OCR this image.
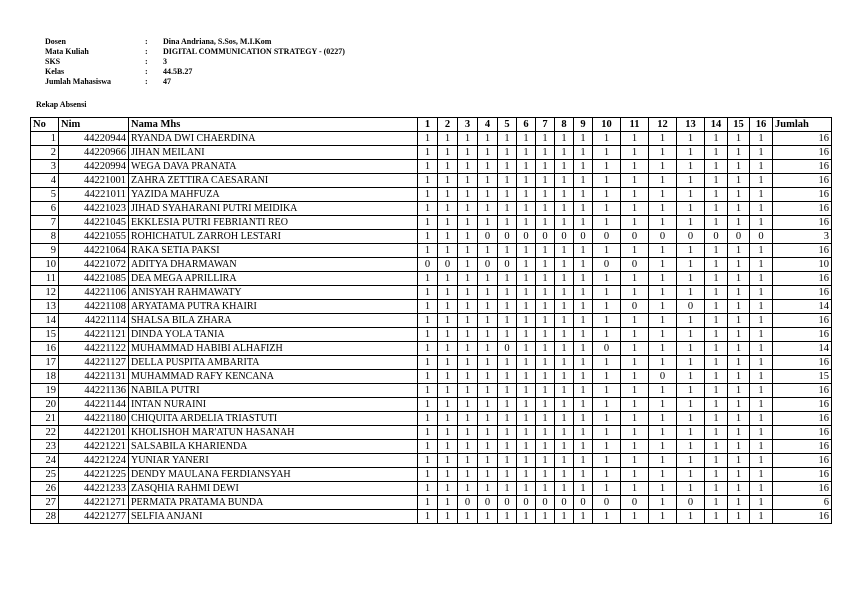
Dosen	:	Dina Andriana, S.Sos, M.I.Kom
Mata Kuliah	:	DIGITAL COMMUNICATION STRATEGY - (0227)
SKS	:	3
Kelas	:	44.5B.27
Jumlah Mahasiswa	:	47
Rekap Absensi
No	Nim	Nama Mhs	1	2	3	4	5	6	7	8	9	10	11	12	13	14	15	16	Jumlah
1	44220944	RYANDA DWI CHAERDINA	1	1	1	1	1	1	1	1	1	1	1	1	1	1	1	1	16
2	44220966	JIHAN MEILANI	1	1	1	1	1	1	1	1	1	1	1	1	1	1	1	1	16
3	44220994	WEGA DAVA PRANATA	1	1	1	1	1	1	1	1	1	1	1	1	1	1	1	1	16
4	44221001	ZAHRA ZETTIRA CAESARANI	1	1	1	1	1	1	1	1	1	1	1	1	1	1	1	1	16
5	44221011	YAZIDA MAHFUZA	1	1	1	1	1	1	1	1	1	1	1	1	1	1	1	1	16
6	44221023	JIHAD SYAHARANI PUTRI MEIDIKA	1	1	1	1	1	1	1	1	1	1	1	1	1	1	1	1	16
7	44221045	EKKLESIA PUTRI FEBRIANTI REO	1	1	1	1	1	1	1	1	1	1	1	1	1	1	1	1	16
8	44221055	ROHICHATUL ZARROH LESTARI	1	1	1	0	0	0	0	0	0	0	0	0	0	0	0	0	3
9	44221064	RAKA SETIA PAKSI	1	1	1	1	1	1	1	1	1	1	1	1	1	1	1	1	16
10	44221072	ADITYA DHARMAWAN	0	0	1	0	0	1	1	1	1	0	0	1	1	1	1	1	10
11	44221085	DEA MEGA APRILLIRA	1	1	1	1	1	1	1	1	1	1	1	1	1	1	1	1	16
12	44221106	ANISYAH RAHMAWATY	1	1	1	1	1	1	1	1	1	1	1	1	1	1	1	1	16
13	44221108	ARYATAMA PUTRA KHAIRI	1	1	1	1	1	1	1	1	1	1	0	1	0	1	1	1	14
14	44221114	SHALSA BILA ZHARA	1	1	1	1	1	1	1	1	1	1	1	1	1	1	1	1	16
15	44221121	DINDA YOLA TANIA	1	1	1	1	1	1	1	1	1	1	1	1	1	1	1	1	16
16	44221122	MUHAMMAD HABIBI ALHAFIZH	1	1	1	1	0	1	1	1	1	0	1	1	1	1	1	1	14
17	44221127	DELLA PUSPITA AMBARITA	1	1	1	1	1	1	1	1	1	1	1	1	1	1	1	1	16
18	44221131	MUHAMMAD RAFY KENCANA	1	1	1	1	1	1	1	1	1	1	1	0	1	1	1	1	15
19	44221136	NABILA PUTRI	1	1	1	1	1	1	1	1	1	1	1	1	1	1	1	1	16
20	44221144	INTAN NURAINI	1	1	1	1	1	1	1	1	1	1	1	1	1	1	1	1	16
21	44221180	CHIQUITA ARDELIA TRIASTUTI	1	1	1	1	1	1	1	1	1	1	1	1	1	1	1	1	16
22	44221201	KHOLISHOH MAR'ATUN HASANAH	1	1	1	1	1	1	1	1	1	1	1	1	1	1	1	1	16
23	44221221	SALSABILA KHARIENDA	1	1	1	1	1	1	1	1	1	1	1	1	1	1	1	1	16
24	44221224	YUNIAR YANERI	1	1	1	1	1	1	1	1	1	1	1	1	1	1	1	1	16
25	44221225	DENDY MAULANA FERDIANSYAH	1	1	1	1	1	1	1	1	1	1	1	1	1	1	1	1	16
26	44221233	ZASQHIA RAHMI DEWI	1	1	1	1	1	1	1	1	1	1	1	1	1	1	1	1	16
27	44221271	PERMATA PRATAMA BUNDA	1	1	0	0	0	0	0	0	0	0	0	1	0	1	1	1	6
28	44221277	SELFIA ANJANI	1	1	1	1	1	1	1	1	1	1	1	1	1	1	1	1	16
